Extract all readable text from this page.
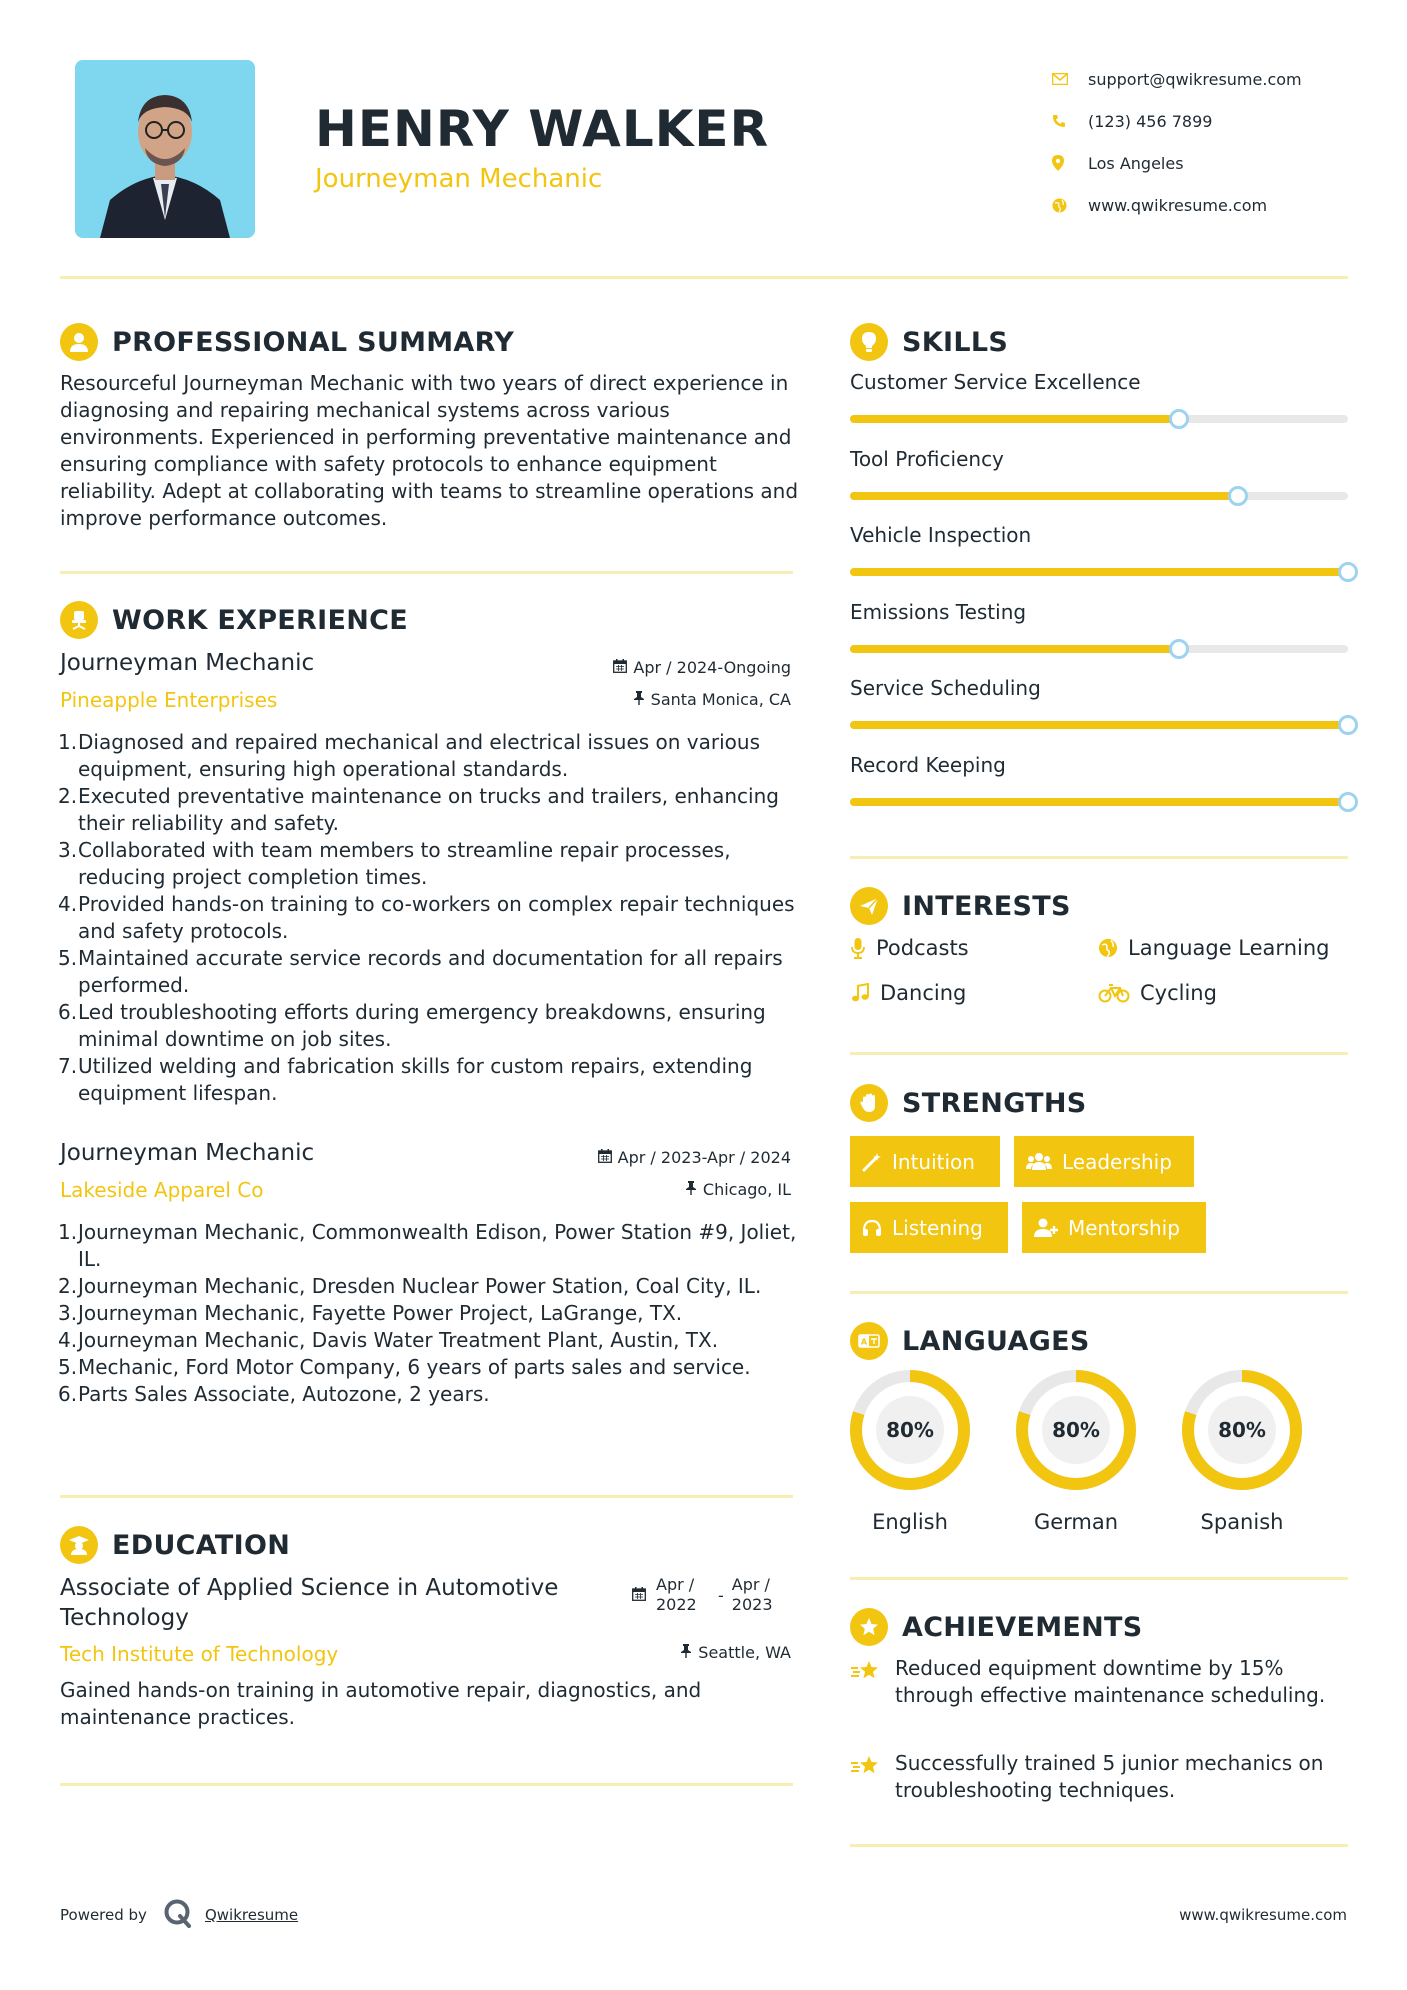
HENRY WALKER
Journeyman Mechanic
support@qwikresume.com
(123) 456 7899
Los Angeles
www.qwikresume.com
PROFESSIONAL SUMMARY
Resourceful Journeyman Mechanic with two years of direct experience in diagnosing and repairing mechanical systems across various environments. Experienced in performing preventative maintenance and ensuring compliance with safety protocols to enhance equipment reliability. Adept at collaborating with teams to streamline operations and improve performance outcomes.
WORK EXPERIENCE
Journeyman Mechanic	Apr / 2024-Ongoing
Pineapple Enterprises	Santa Monica, CA
1. Diagnosed and repaired mechanical and electrical issues on various equipment, ensuring high operational standards.
2. Executed preventative maintenance on trucks and trailers, enhancing their reliability and safety.
3. Collaborated with team members to streamline repair processes, reducing project completion times.
4. Provided hands-on training to co-workers on complex repair techniques and safety protocols.
5. Maintained accurate service records and documentation for all repairs performed.
6. Led troubleshooting efforts during emergency breakdowns, ensuring minimal downtime on job sites.
7. Utilized welding and fabrication skills for custom repairs, extending equipment lifespan.
Journeyman Mechanic	Apr / 2023-Apr / 2024
Lakeside Apparel Co	Chicago, IL
1. Journeyman Mechanic, Commonwealth Edison, Power Station #9, Joliet, IL.
2. Journeyman Mechanic, Dresden Nuclear Power Station, Coal City, IL.
3. Journeyman Mechanic, Fayette Power Project, LaGrange, TX.
4. Journeyman Mechanic, Davis Water Treatment Plant, Austin, TX.
5. Mechanic, Ford Motor Company, 6 years of parts sales and service.
6. Parts Sales Associate, Autozone, 2 years.
EDUCATION
Associate of Applied Science in Automotive Technology
Apr / 2022	-
Apr / 2023
Tech Institute of Technology	Seattle, WA
Gained hands-on training in automotive repair, diagnostics, and maintenance practices.
SKILLS
Customer Service Excellence
Tool Proficiency
Vehicle Inspection
Emissions Testing
Service Scheduling
Record Keeping
INTERESTS
Podcasts	Language Learning
Dancing	Cycling
STRENGTHS
Intuition	Leadership
Listening	Mentorship
A LANGUAGES
80%
English
80%
German
80%
Spanish
ACHIEVEMENTS
Reduced equipment downtime by 15% through effective maintenance scheduling.
Successfully trained 5 junior mechanics on troubleshooting techniques.
Powered by	Qwikresume	www.qwikresume.com
